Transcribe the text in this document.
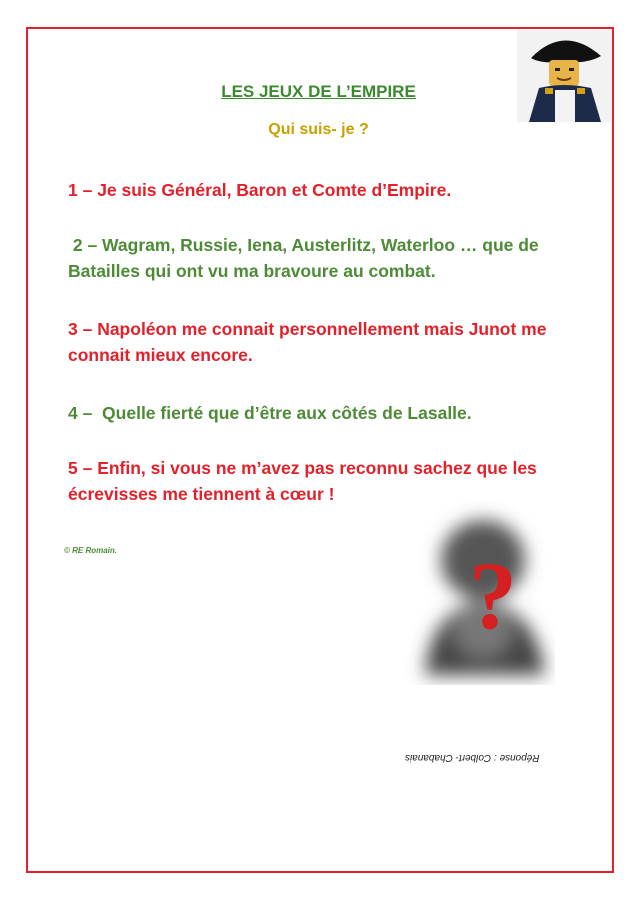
LES JEUX DE L’EMPIRE
Qui suis- je ?
1 – Je suis Général, Baron et Comte d’Empire.
2 – Wagram, Russie, Iena, Austerlitz, Waterloo … que de
Batailles qui ont vu ma bravoure au combat.
3 – Napoléon me connait personnellement mais Junot me
connait mieux encore.
4 –  Quelle fierté que d’être aux côtés de Lasalle.
5 – Enfin, si vous ne m’avez pas reconnu sachez que les
écrevisses me tiennent à cœur !
© RE Romain.	?
Réponse : Colbert- Chabanais
